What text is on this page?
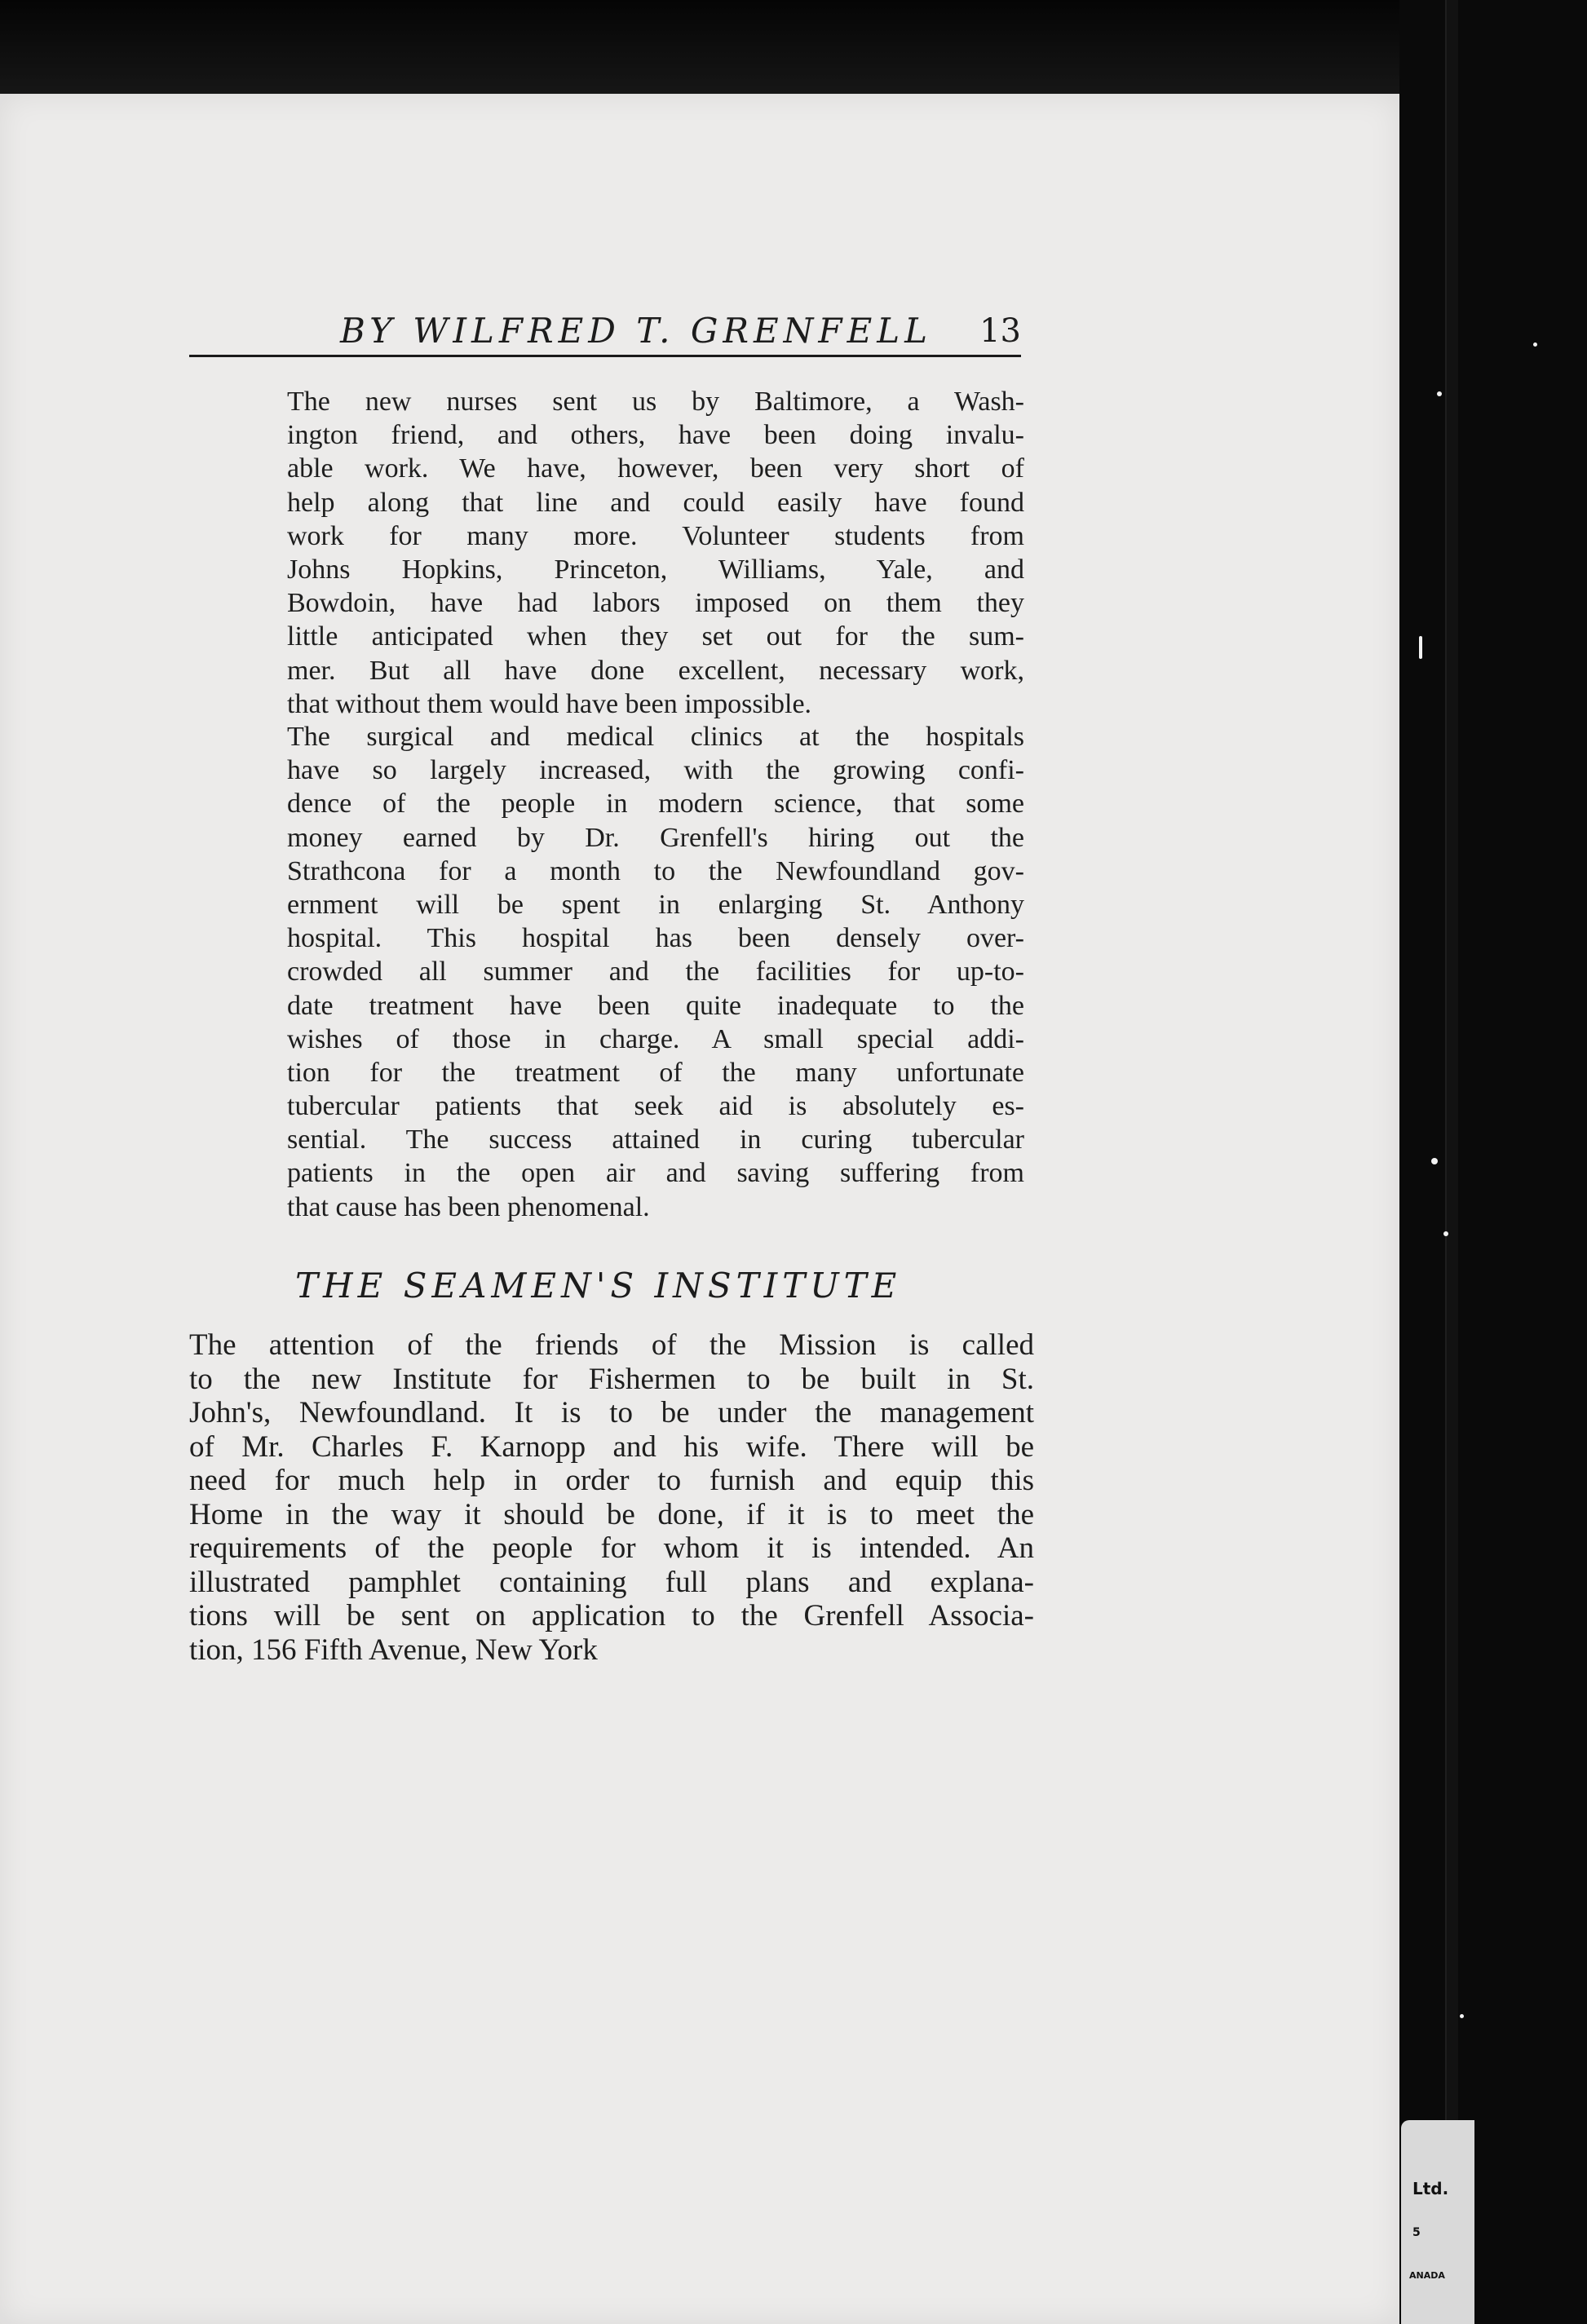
BY WILFRED T. GRENFELL 13
The new nurses sent us by Baltimore, a Wash-
ington friend, and others, have been doing invalu-
able work. We have, however, been very short of
help along that line and could easily have found
work for many more. Volunteer students from
Johns Hopkins, Princeton, Williams, Yale, and
Bowdoin, have had labors imposed on them they
little anticipated when they set out for the sum-
mer. But all have done excellent, necessary work,
that without them would have been impossible.
The surgical and medical clinics at the hospitals
have so largely increased, with the growing confi-
dence of the people in modern science, that some
money earned by Dr. Grenfell's hiring out the
Strathcona for a month to the Newfoundland gov-
ernment will be spent in enlarging St. Anthony
hospital. This hospital has been densely over-
crowded all summer and the facilities for up-to-
date treatment have been quite inadequate to the
wishes of those in charge. A small special addi-
tion for the treatment of the many unfortunate
tubercular patients that seek aid is absolutely es-
sential. The success attained in curing tubercular
patients in the open air and saving suffering from
that cause has been phenomenal.
THE SEAMEN'S INSTITUTE
The attention of the friends of the Mission is called
to the new Institute for Fishermen to be built in St.
John's, Newfoundland. It is to be under the management
of Mr. Charles F. Karnopp and his wife. There will be
need for much help in order to furnish and equip this
Home in the way it should be done, if it is to meet the
requirements of the people for whom it is intended. An
illustrated pamphlet containing full plans and explana-
tions will be sent on application to the Grenfell Associa-
tion, 156 Fifth Avenue, New York
Ltd.
5
ANADA
